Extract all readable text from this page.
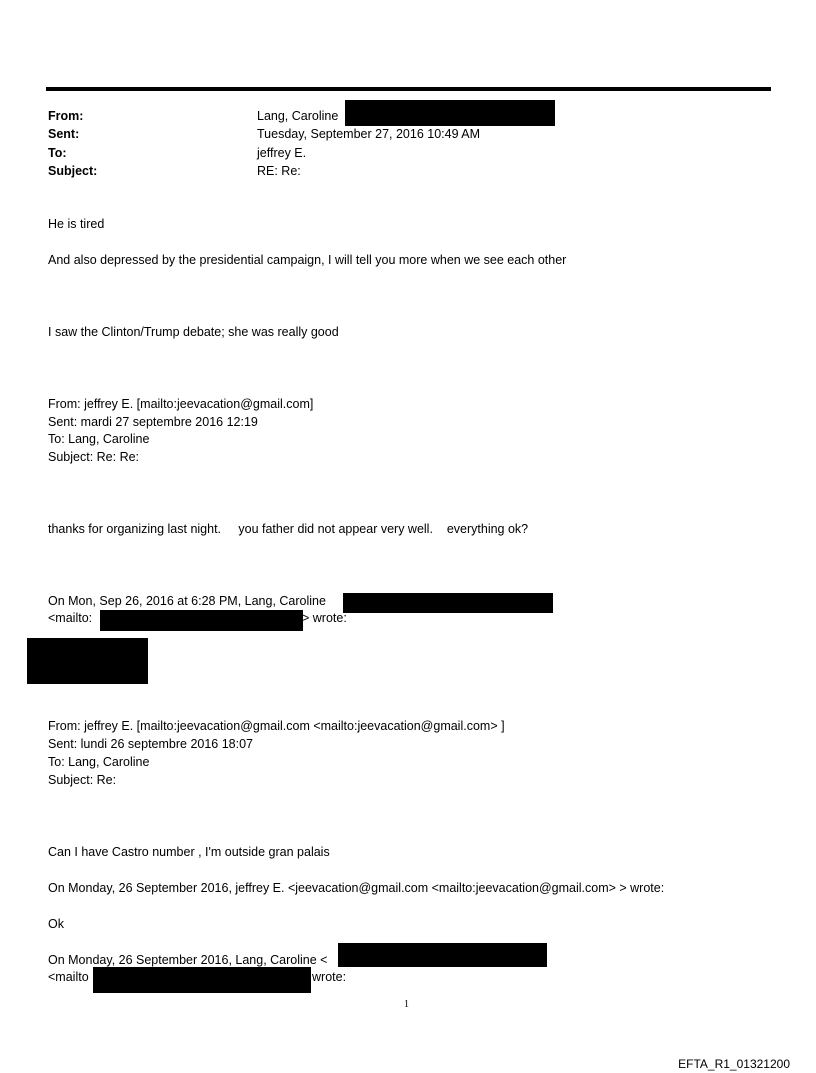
From:
Sent:
To:
Subject:
Lang, Caroline
Tuesday, September 27, 2016 10:49 AM
jeffrey E.
RE: Re:
He is tired
And also depressed by the presidential campaign, I will tell you more when we see each other
I saw the Clinton/Trump debate; she was really good
From: jeffrey E. [mailto:jeevacation@gmail.com]
Sent: mardi 27 septembre 2016 12:19
To: Lang, Caroline
Subject: Re: Re:
thanks for organizing last night.     you father did not appear very well.    everything ok?
On Mon, Sep 26, 2016 at 6:28 PM, Lang, Caroline
<mailto:	> wrote:
From: jeffrey E. [mailto:jeevacation@gmail.com <mailto:jeevacation@gmail.com> ]
Sent: lundi 26 septembre 2016 18:07
To: Lang, Caroline
Subject: Re:
Can I have Castro number , I'm outside gran palais
On Monday, 26 September 2016, jeffrey E. <jeevacation@gmail.com <mailto:jeevacation@gmail.com> > wrote:
Ok
On Monday, 26 September 2016, Lang, Caroline <
<mailto	wrote:
1
EFTA_R1_01321200
